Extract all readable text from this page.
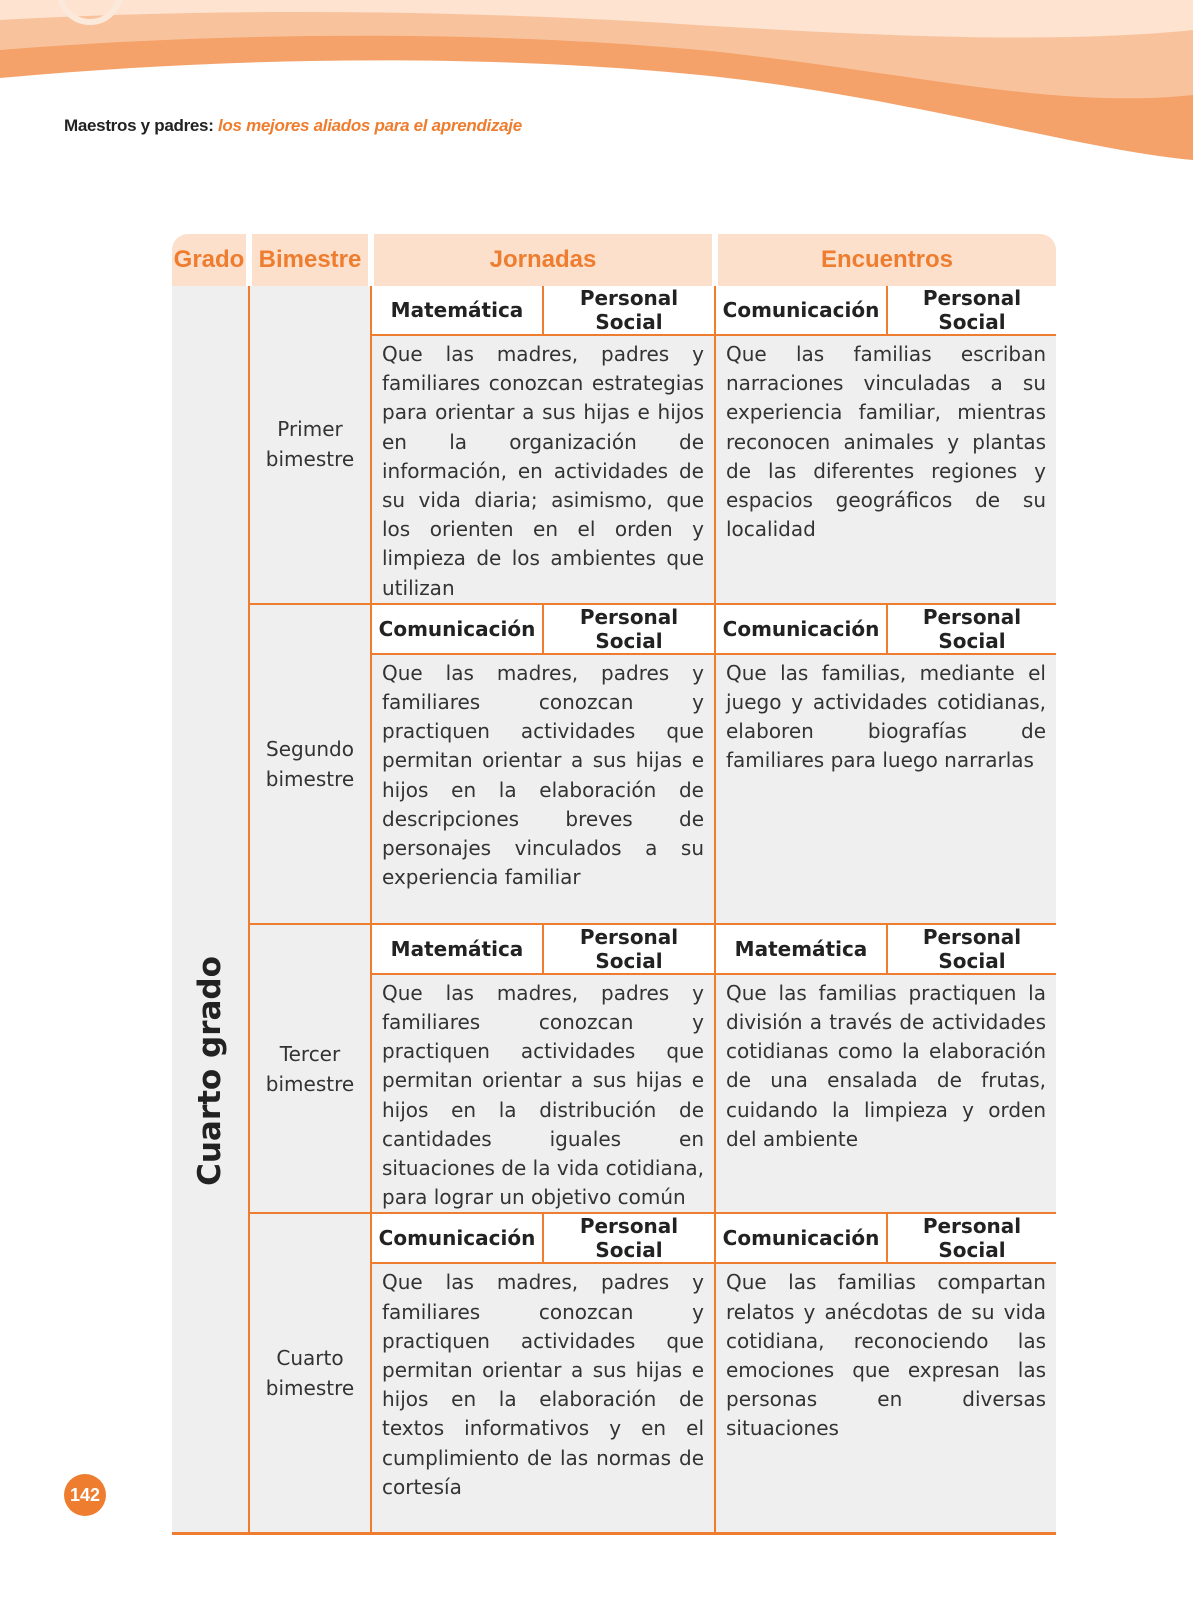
Maestros y padres: los mejores aliados para el aprendizaje
Grado	Bimestre	Jornadas		Encuentros	

Cuarto grado	Primer bimestre	Matemática	Personal Social	Comunicación	Personal Social
		Que las madres, padres y familiares conozcan estrategias para orientar a sus hijas e hijos en la organización de información, en actividades de su vida diaria; asimismo, que los orienten en el orden y limpieza de los ambientes que utilizan		Que las familias escriban narraciones vinculadas a su experiencia familiar, mientras reconocen animales y plantas de las diferentes regiones y espacios geográficos de su localidad	
	Segundo bimestre	Comunicación	Personal Social	Comunicación	Personal Social
		Que las madres, padres y familiares conozcan y practiquen actividades que permitan orientar a sus hijas e hijos en la elaboración de descripciones breves de personajes vinculados a su experiencia familiar		Que las familias, mediante el juego y actividades cotidianas, elaboren biografías de familiares para luego narrarlas	
	Tercer bimestre	Matemática	Personal Social	Matemática	Personal Social
		Que las madres, padres y familiares conozcan y practiquen actividades que permitan orientar a sus hijas e hijos en la distribución de cantidades iguales en situaciones de la vida cotidiana, para lograr un objetivo común		Que las familias practiquen la división a través de actividades cotidianas como la elaboración de una ensalada de frutas, cuidando la limpieza y orden del ambiente	
	Cuarto bimestre	Comunicación	Personal Social	Comunicación	Personal Social
		Que las madres, padres y familiares conozcan y practiquen actividades que permitan orientar a sus hijas e hijos en la elaboración de textos informativos y en el cumplimiento de las normas de cortesía		Que las familias compartan relatos y anécdotas de su vida cotidiana, reconociendo las emociones que expresan las personas en diversas situaciones	
142
